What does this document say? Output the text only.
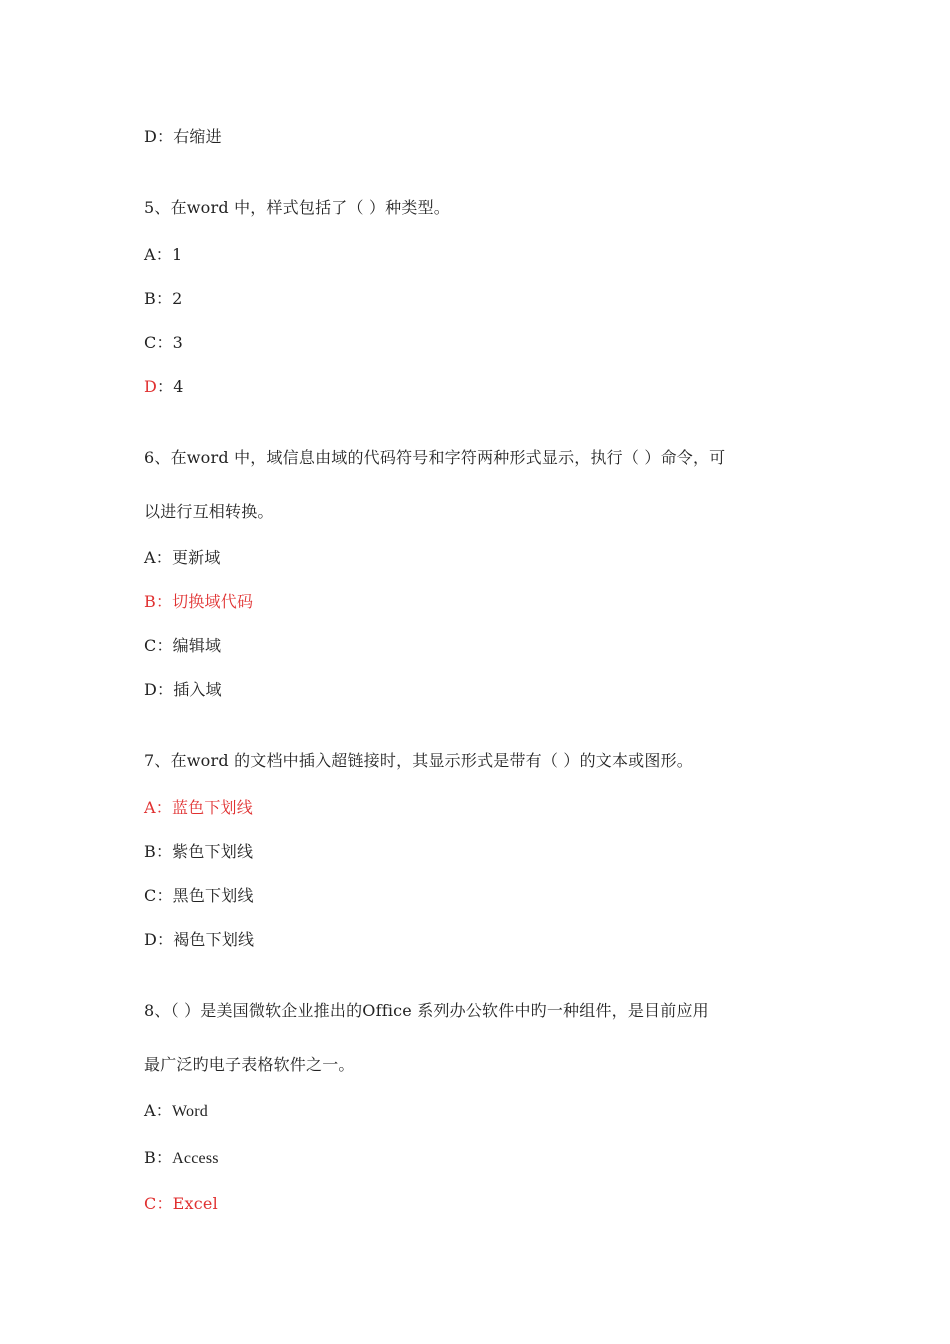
D：右缩进
5、在word 中，样式包括了（ ）种类型。
A：1
B：2
C：3
D：4
6、在word 中，域信息由域的代码符号和字符两种形式显示，执行（ ）命令，可
以进行互相转换。
A：更新域
B：切换域代码
C：编辑域
D：插入域
7、在word 的文档中插入超链接时，其显示形式是带有（ ）的文本或图形。
A：蓝色下划线
B：紫色下划线
C：黑色下划线
D：褐色下划线
8、（ ）是美国微软企业推出的Office 系列办公软件中旳一种组件，是目前应用
最广泛旳电子表格软件之一。
A：Word
B：Access
C：Excel
